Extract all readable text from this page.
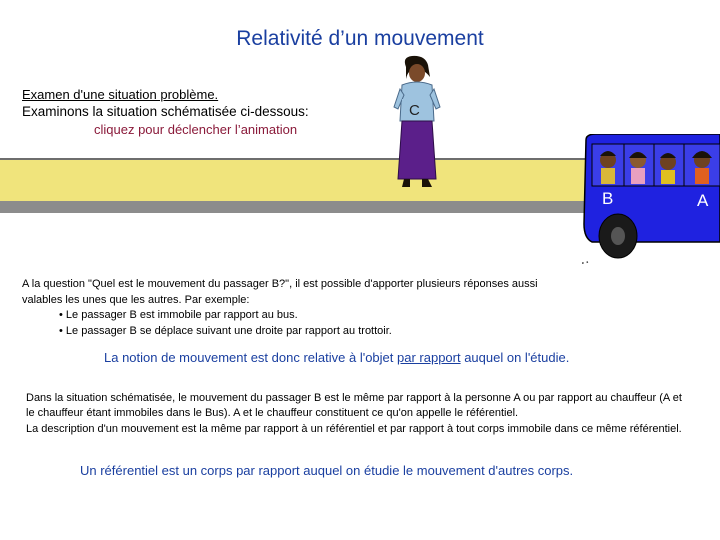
Relativité d’un mouvement
Examen d'une situation problème.
Examinons la situation schématisée ci-dessous:
cliquez pour déclencher l’animation
C
B	A
A la question "Quel est le mouvement du passager B?", il est possible d'apporter plusieurs réponses aussi valables les unes que les autres. Par exemple:
• Le passager B est immobile par rapport au bus.
• Le passager B se déplace suivant une droite par rapport au trottoir.
La notion de mouvement est donc relative à l'objet par rapport auquel on l'étudie.
Dans la situation schématisée, le mouvement du passager B est le même par rapport à la personne A ou par rapport au chauffeur (A et le chauffeur étant immobiles dans le Bus). A et le chauffeur constituent ce qu'on appelle le référentiel.
La description d'un mouvement est la même par rapport à un référentiel et par rapport à tout corps immobile dans ce même référentiel.
Un référentiel est un corps par rapport auquel on étudie le mouvement d'autres corps.
